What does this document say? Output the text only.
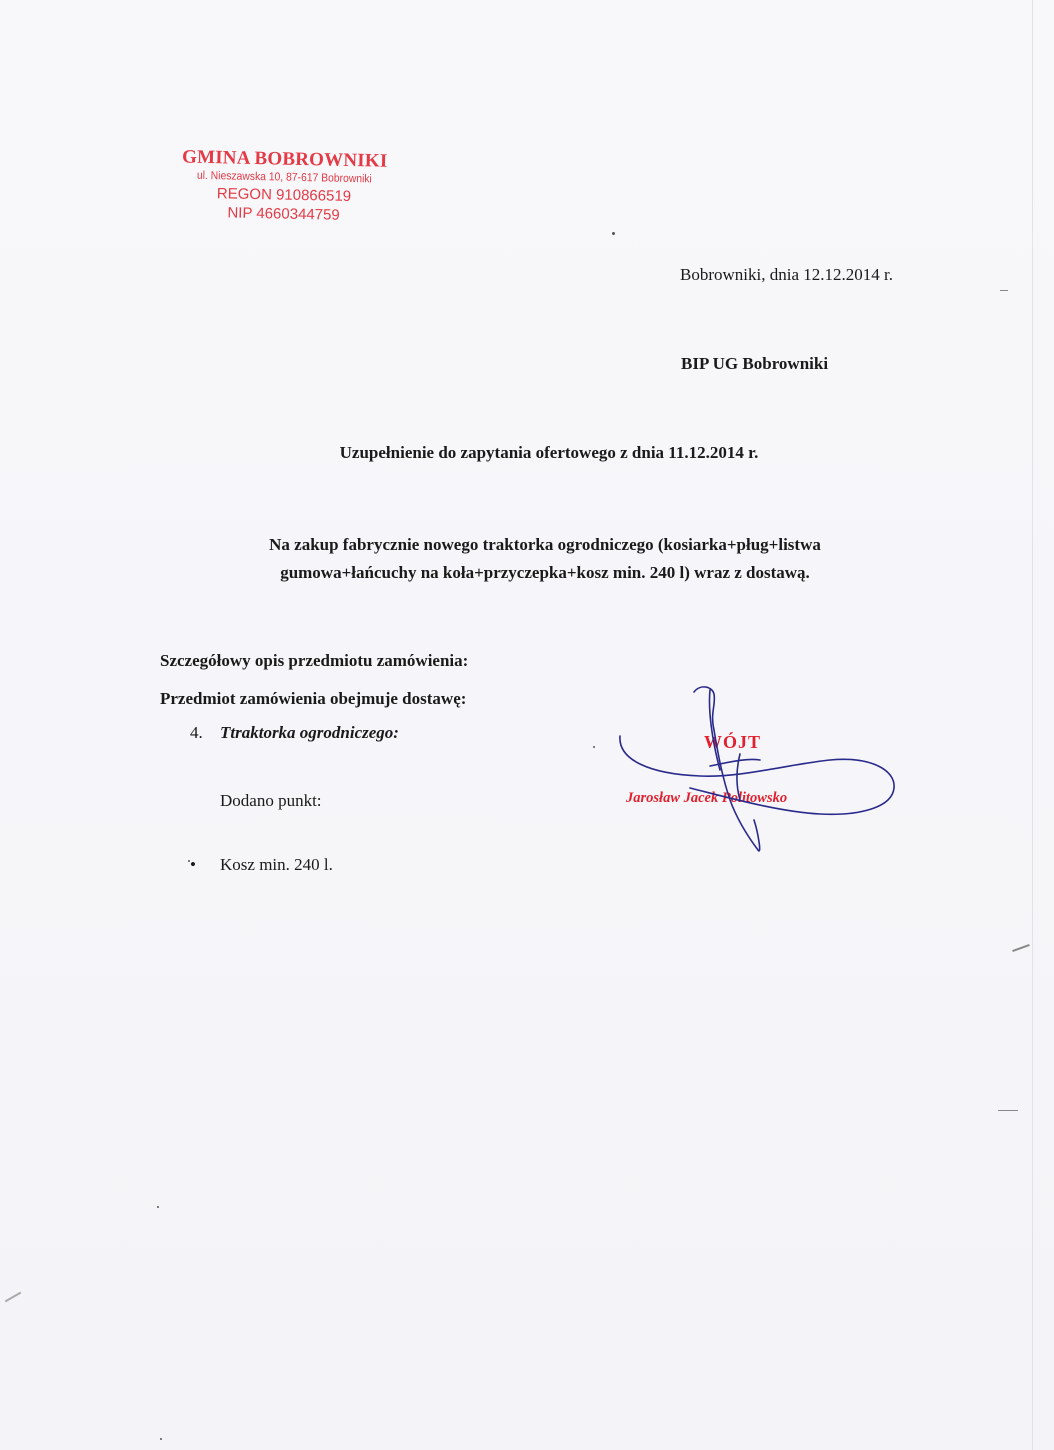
GMINA BOBROWNIKI
ul. Nieszawska 10, 87-617 Bobrowniki
REGON 910866519
NIP 4660344759
Bobrowniki, dnia 12.12.2014 r.
BIP UG Bobrowniki
Uzupełnienie do zapytania ofertowego z dnia 11.12.2014 r.
Na zakup fabrycznie nowego traktorka ogrodniczego (kosiarka+pług+listwa
gumowa+łańcuchy na koła+przyczepka+kosz min. 240 l) wraz z dostawą.
Szczegółowy opis przedmiotu zamówienia:
Przedmiot zamówienia obejmuje dostawę:
4. Ttraktorka ogrodniczego:
Dodano punkt:
• Kosz min. 240 l.
WÓJT
Jarosław Jacek Politowsko
